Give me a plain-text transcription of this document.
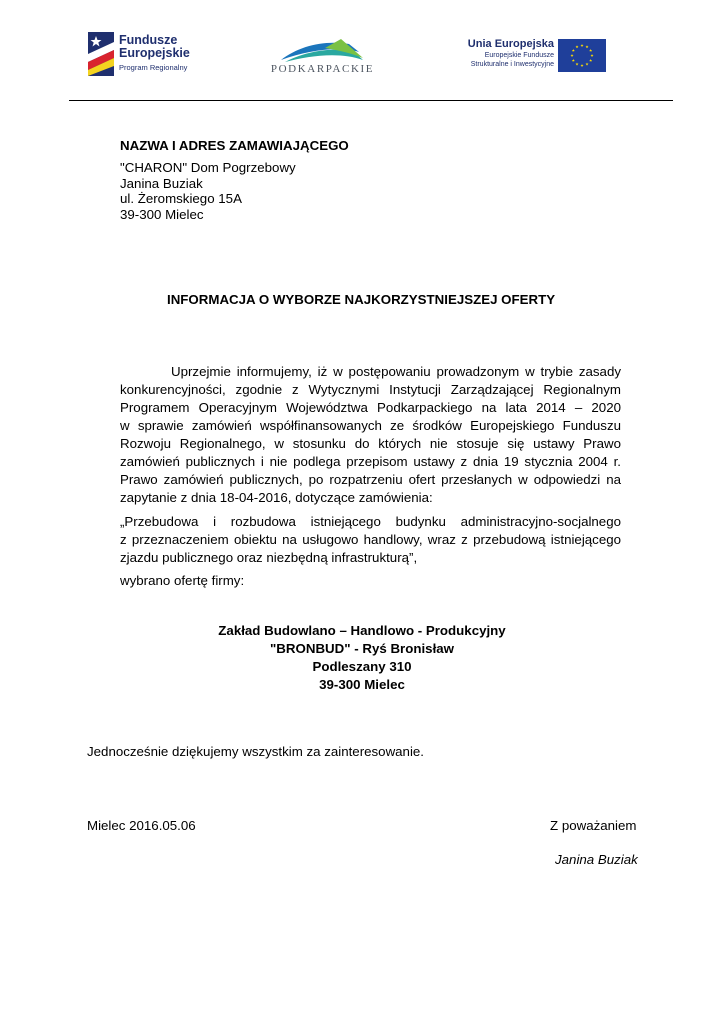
Fundusze
Europejskie
Program Regionalny	PODKARPACKIE
Unia Europejska
Europejskie Fundusze
Strukturalne i Inwestycyjne
NAZWA I ADRES ZAMAWIAJĄCEGO
"CHARON" Dom Pogrzebowy
Janina Buziak
ul. Żeromskiego 15A
39-300 Mielec
INFORMACJA O WYBORZE NAJKORZYSTNIEJSZEJ OFERTY
Uprzejmie informujemy, iż w postępowaniu prowadzonym w trybie zasady
konkurencyjności, zgodnie z Wytycznymi Instytucji Zarządzającej Regionalnym
Programem Operacyjnym Województwa Podkarpackiego na lata 2014 – 2020
w sprawie zamówień współfinansowanych ze środków Europejskiego Funduszu
Rozwoju Regionalnego, w stosunku do których nie stosuje się ustawy Prawo
zamówień publicznych i nie podlega przepisom ustawy z dnia 19 stycznia 2004 r.
Prawo zamówień publicznych, po rozpatrzeniu ofert przesłanych w odpowiedzi na
zapytanie z dnia 18-04-2016, dotyczące zamówienia:
„Przebudowa i rozbudowa istniejącego budynku administracyjno-socjalnego
z przeznaczeniem obiektu na usługowo handlowy, wraz z przebudową istniejącego
zjazdu publicznego oraz niezbędną infrastrukturą”,
wybrano ofertę firmy:
Zakład Budowlano – Handlowo - Produkcyjny
"BRONBUD" - Ryś Bronisław
Podleszany 310
39-300 Mielec
Jednocześnie dziękujemy wszystkim za zainteresowanie.
Mielec 2016.05.06	Z poważaniem
Janina Buziak
